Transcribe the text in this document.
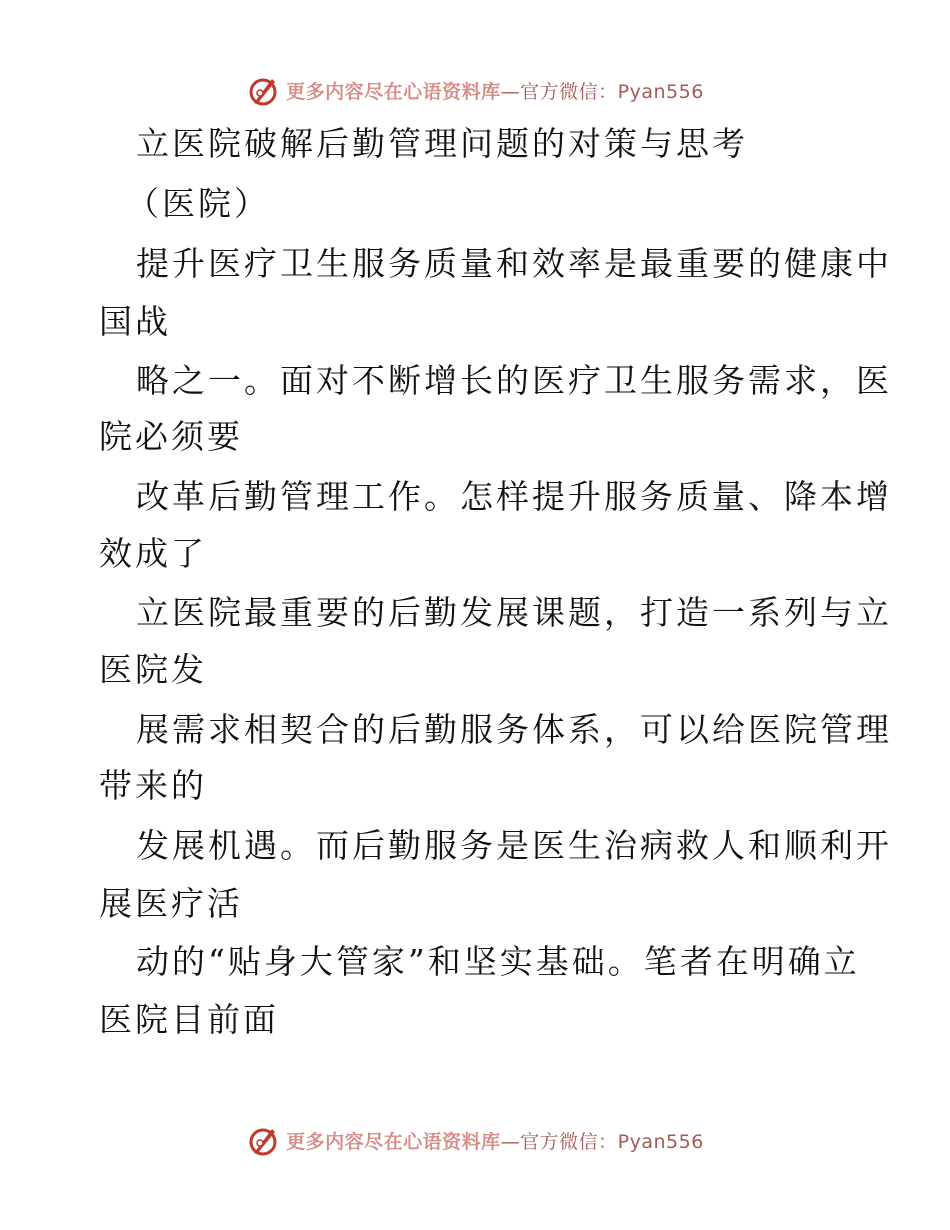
更多内容尽在心语资料库—官方微信：Pyan556
立医院破解后勤管理问题的对策与思考
（医院）
提升医疗卫生服务质量和效率是最重要的健康中
国战
略之一。面对不断增长的医疗卫生服务需求，医
院必须要
改革后勤管理工作。怎样提升服务质量、降本增
效成了
立医院最重要的后勤发展课题，打造一系列与立
医院发
展需求相契合的后勤服务体系，可以给医院管理
带来的
发展机遇。而后勤服务是医生治病救人和顺利开
展医疗活
动的“贴身大管家”和坚实基础。笔者在明确立
医院目前面
更多内容尽在心语资料库—官方微信：Pyan556
